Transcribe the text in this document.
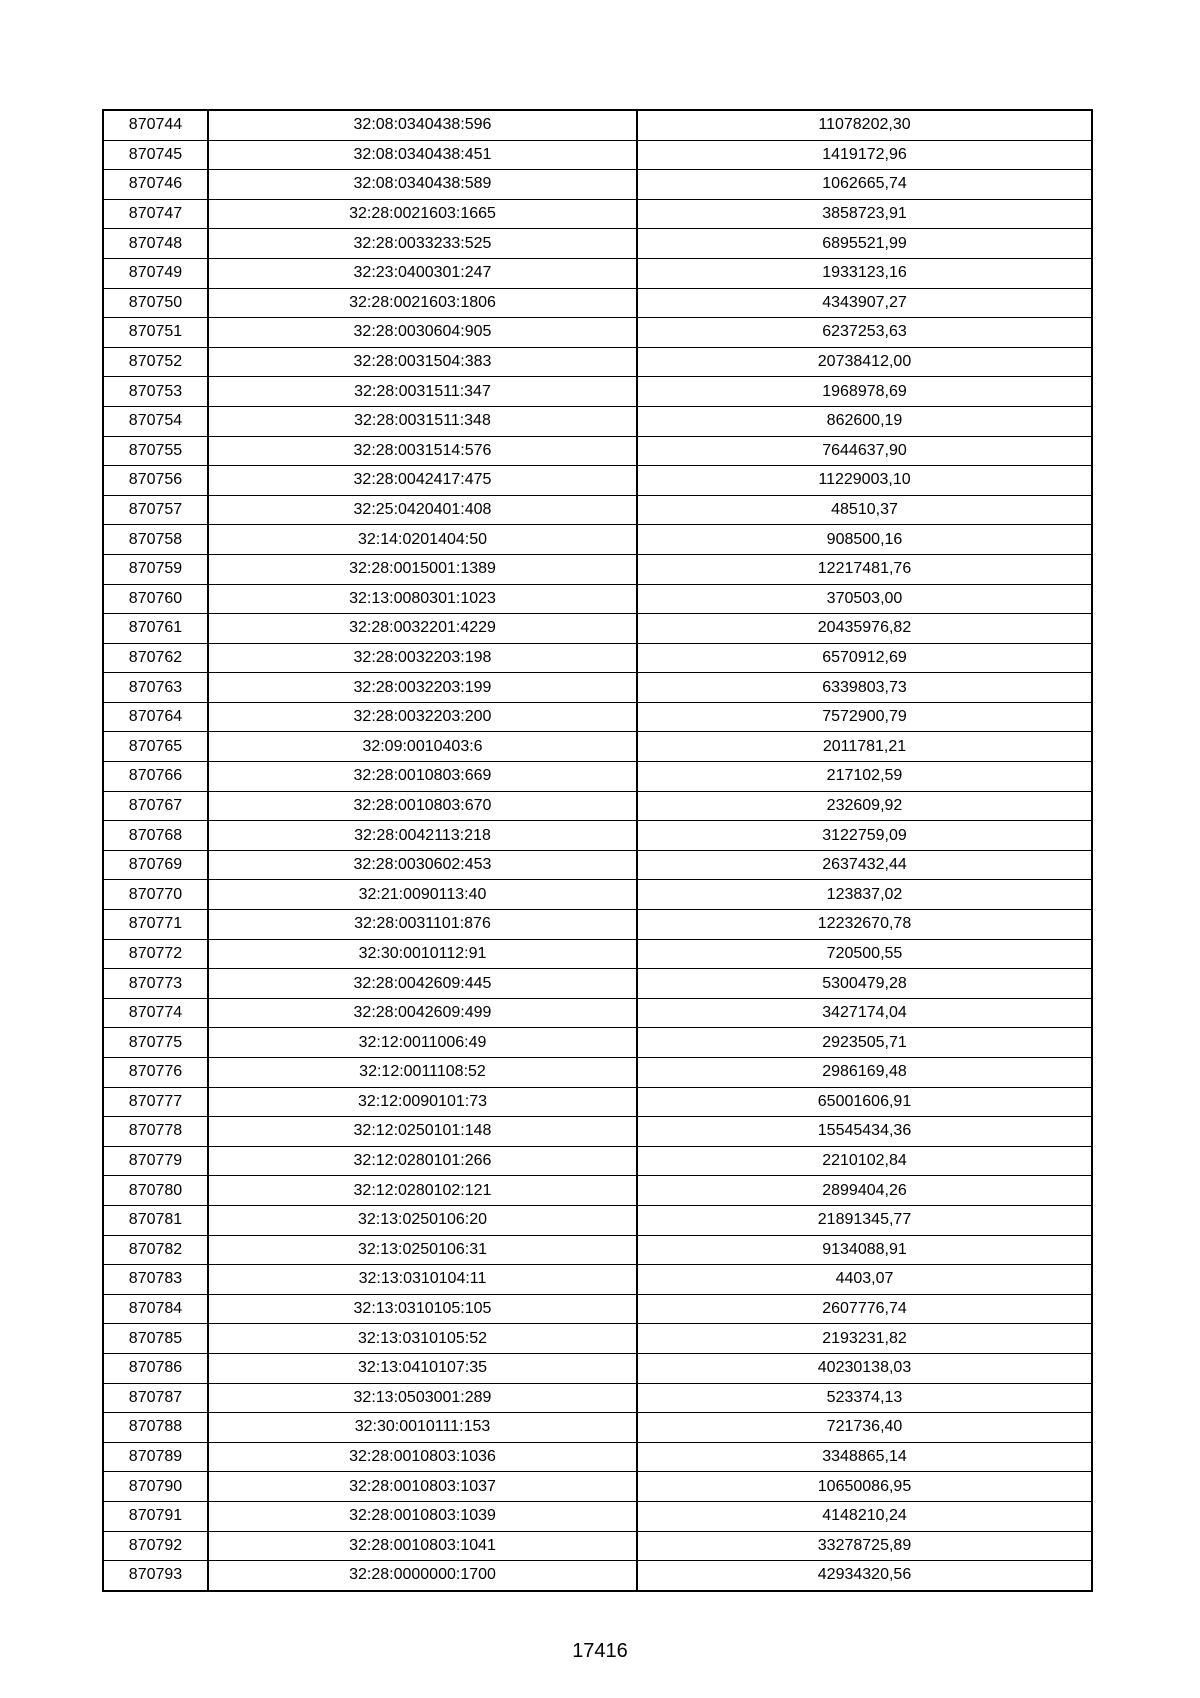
870744	32:08:0340438:596	11078202,30
870745	32:08:0340438:451	1419172,96
870746	32:08:0340438:589	1062665,74
870747	32:28:0021603:1665	3858723,91
870748	32:28:0033233:525	6895521,99
870749	32:23:0400301:247	1933123,16
870750	32:28:0021603:1806	4343907,27
870751	32:28:0030604:905	6237253,63
870752	32:28:0031504:383	20738412,00
870753	32:28:0031511:347	1968978,69
870754	32:28:0031511:348	862600,19
870755	32:28:0031514:576	7644637,90
870756	32:28:0042417:475	11229003,10
870757	32:25:0420401:408	48510,37
870758	32:14:0201404:50	908500,16
870759	32:28:0015001:1389	12217481,76
870760	32:13:0080301:1023	370503,00
870761	32:28:0032201:4229	20435976,82
870762	32:28:0032203:198	6570912,69
870763	32:28:0032203:199	6339803,73
870764	32:28:0032203:200	7572900,79
870765	32:09:0010403:6	2011781,21
870766	32:28:0010803:669	217102,59
870767	32:28:0010803:670	232609,92
870768	32:28:0042113:218	3122759,09
870769	32:28:0030602:453	2637432,44
870770	32:21:0090113:40	123837,02
870771	32:28:0031101:876	12232670,78
870772	32:30:0010112:91	720500,55
870773	32:28:0042609:445	5300479,28
870774	32:28:0042609:499	3427174,04
870775	32:12:0011006:49	2923505,71
870776	32:12:0011108:52	2986169,48
870777	32:12:0090101:73	65001606,91
870778	32:12:0250101:148	15545434,36
870779	32:12:0280101:266	2210102,84
870780	32:12:0280102:121	2899404,26
870781	32:13:0250106:20	21891345,77
870782	32:13:0250106:31	9134088,91
870783	32:13:0310104:11	4403,07
870784	32:13:0310105:105	2607776,74
870785	32:13:0310105:52	2193231,82
870786	32:13:0410107:35	40230138,03
870787	32:13:0503001:289	523374,13
870788	32:30:0010111:153	721736,40
870789	32:28:0010803:1036	3348865,14
870790	32:28:0010803:1037	10650086,95
870791	32:28:0010803:1039	4148210,24
870792	32:28:0010803:1041	33278725,89
870793	32:28:0000000:1700	42934320,56
17416
